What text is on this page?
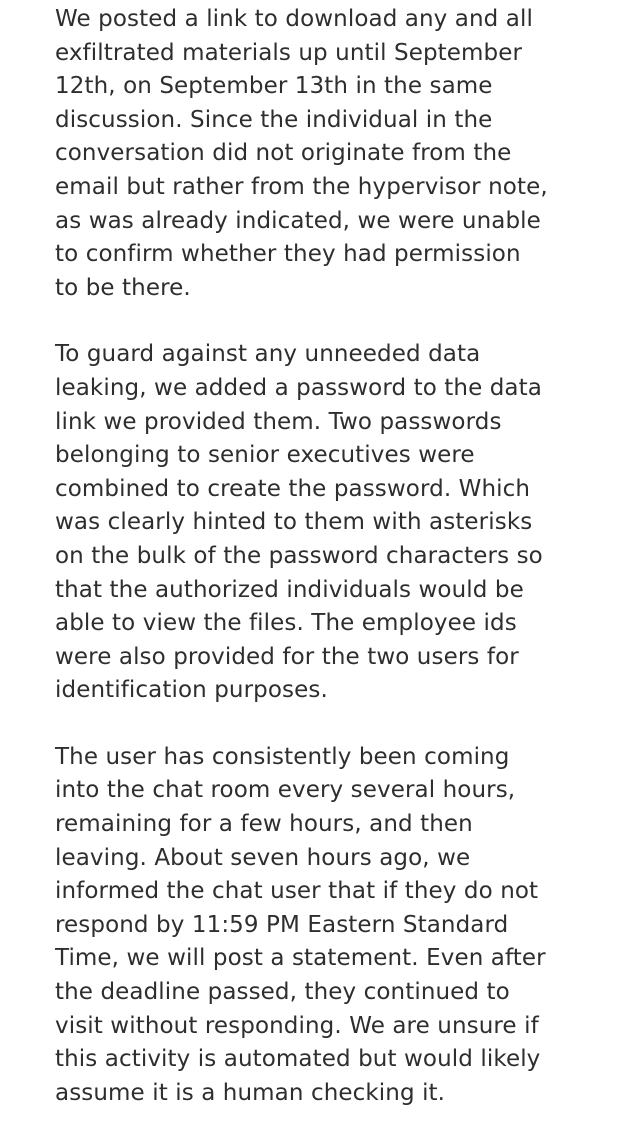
We posted a link to download any and all
exfiltrated materials up until September
12th, on September 13th in the same
discussion. Since the individual in the
conversation did not originate from the
email but rather from the hypervisor note,
as was already indicated, we were unable
to confirm whether they had permission
to be there.

To guard against any unneeded data
leaking, we added a password to the data
link we provided them. Two passwords
belonging to senior executives were
combined to create the password. Which
was clearly hinted to them with asterisks
on the bulk of the password characters so
that the authorized individuals would be
able to view the files. The employee ids
were also provided for the two users for
identification purposes.

The user has consistently been coming
into the chat room every several hours,
remaining for a few hours, and then
leaving. About seven hours ago, we
informed the chat user that if they do not
respond by 11:59 PM Eastern Standard
Time, we will post a statement. Even after
the deadline passed, they continued to
visit without responding. We are unsure if
this activity is automated but would likely
assume it is a human checking it.
